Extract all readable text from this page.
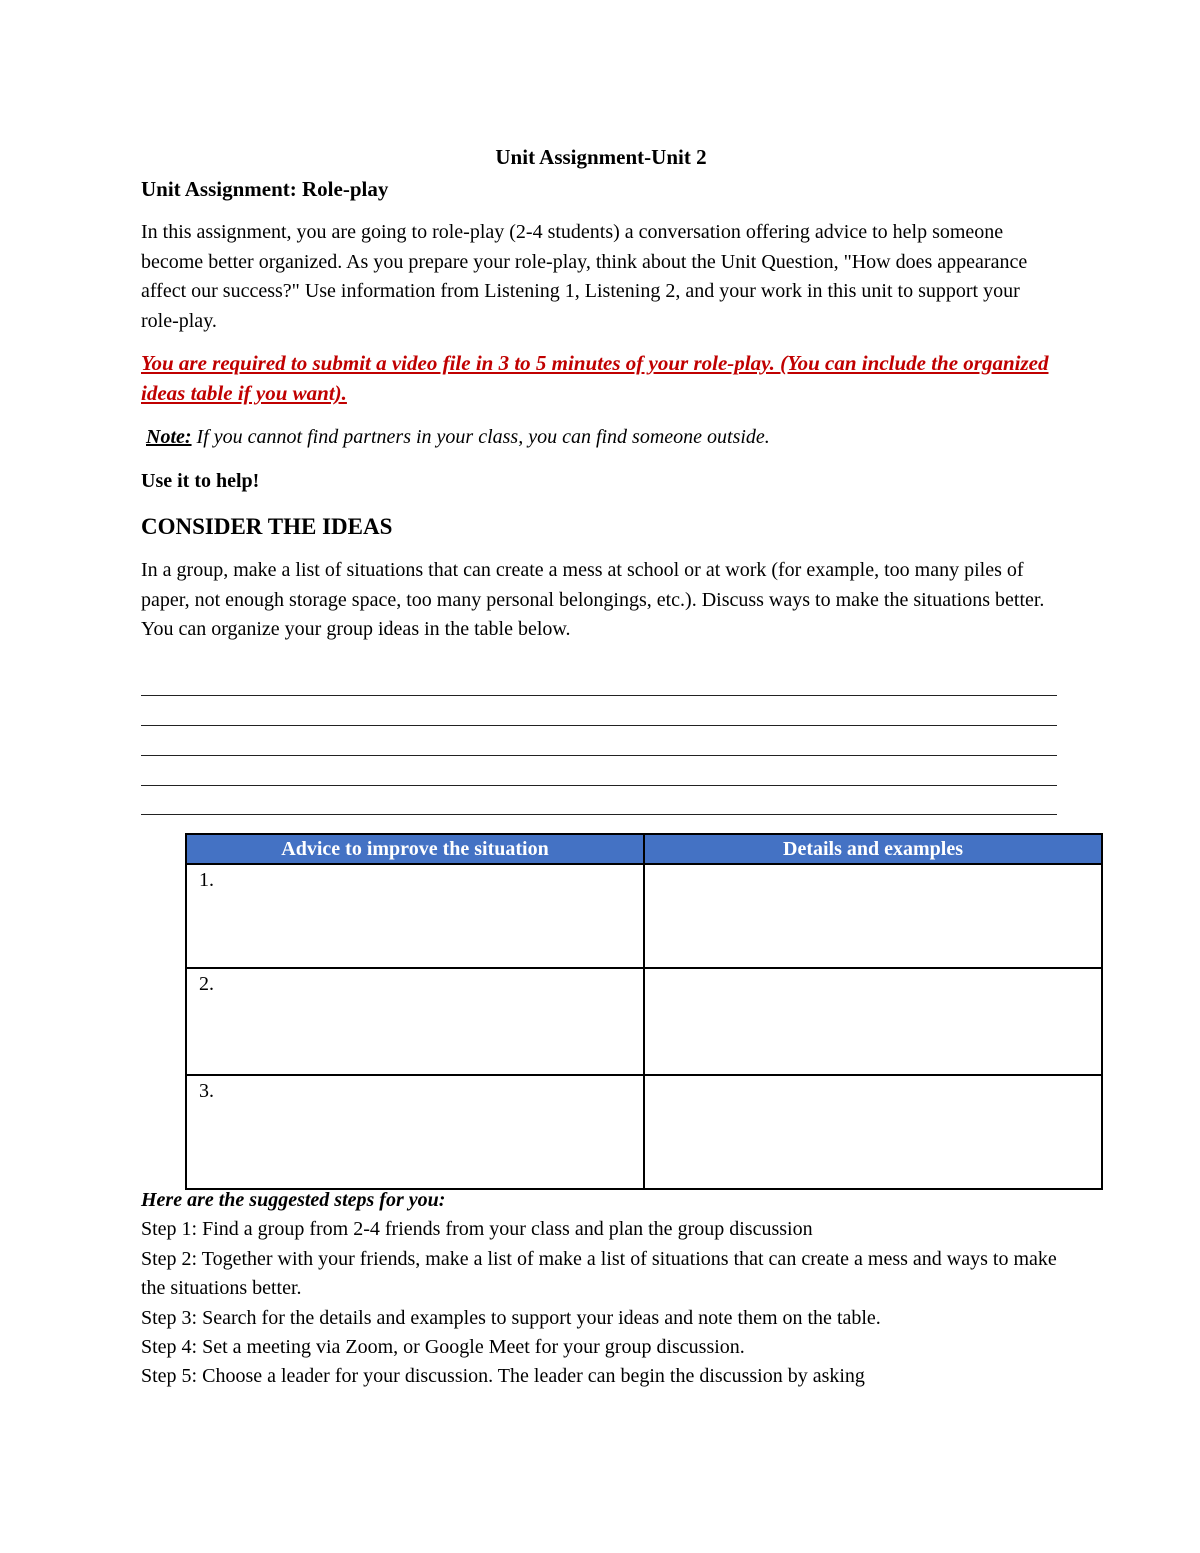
Unit Assignment-Unit 2
Unit Assignment: Role-play

In this assignment, you are going to role-play (2-4 students) a conversation offering advice to help someone become better organized. As you prepare your role-play, think about the Unit Question, "How does appearance affect our success?" Use information from Listening 1, Listening 2, and your work in this unit to support your role-play.

You are required to submit a video file in 3 to 5 minutes of your role-play. (You can include the organized ideas table if you want).

Note: If you cannot find partners in your class, you can find someone outside.

Use it to help!

CONSIDER THE IDEAS

In a group, make a list of situations that can create a mess at school or at work (for example, too many piles of paper, not enough storage space, too many personal belongings, etc.). Discuss ways to make the situations better. You can organize your group ideas in the table below.

Advice to improve the situation	Details and examples
1.	
2.	
3.	
Here are the suggested steps for you:
Step 1: Find a group from 2-4 friends from your class and plan the group discussion
Step 2: Together with your friends, make a list of make a list of situations that can create a mess and ways to make the situations better.
Step 3: Search for the details and examples to support your ideas and note them on the table.
Step 4: Set a meeting via Zoom, or Google Meet for your group discussion.
Step 5: Choose a leader for your discussion. The leader can begin the discussion by asking
